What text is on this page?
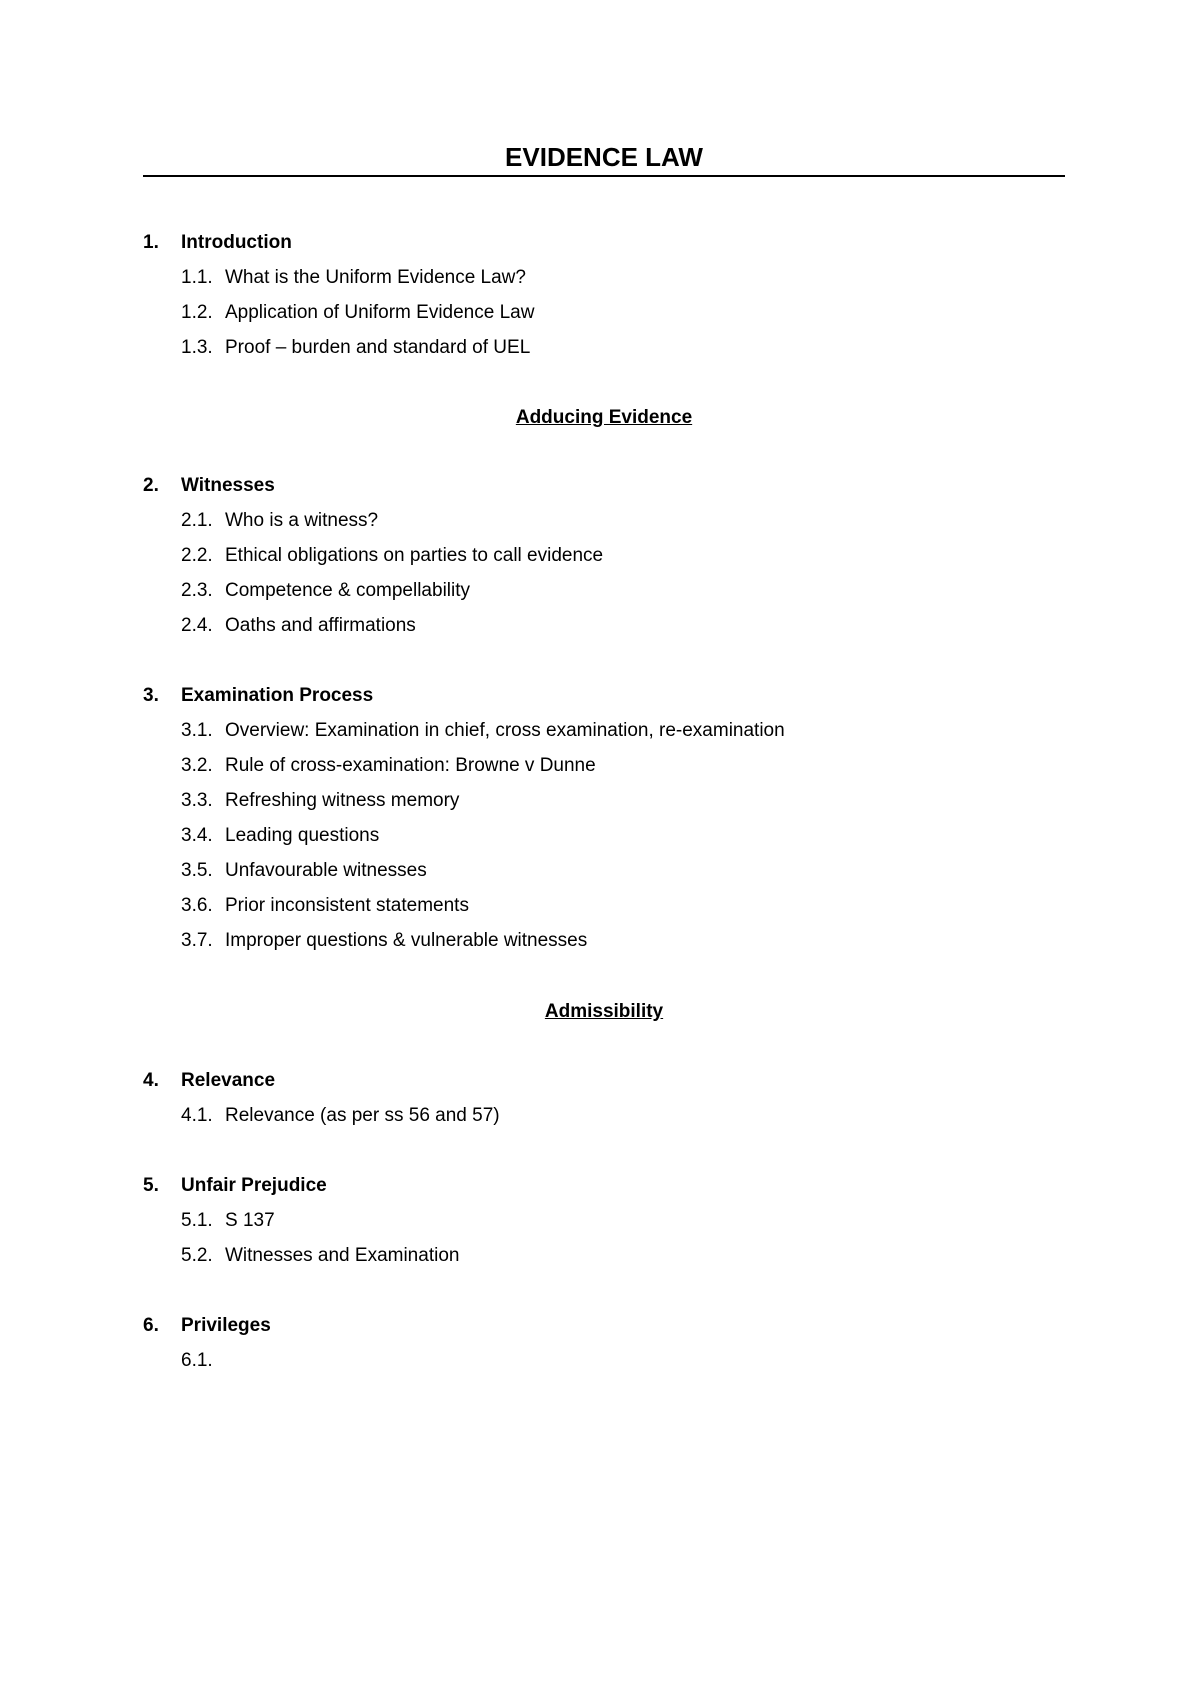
EVIDENCE LAW
1. Introduction
1.1. What is the Uniform Evidence Law?
1.2. Application of Uniform Evidence Law
1.3. Proof – burden and standard of UEL
Adducing Evidence
2. Witnesses
2.1. Who is a witness?
2.2. Ethical obligations on parties to call evidence
2.3. Competence & compellability
2.4. Oaths and affirmations
3. Examination Process
3.1. Overview: Examination in chief, cross examination, re-examination
3.2. Rule of cross-examination: Browne v Dunne
3.3. Refreshing witness memory
3.4. Leading questions
3.5. Unfavourable witnesses
3.6. Prior inconsistent statements
3.7. Improper questions & vulnerable witnesses
Admissibility
4. Relevance
4.1. Relevance (as per ss 56 and 57)
5. Unfair Prejudice
5.1. S 137
5.2. Witnesses and Examination
6. Privileges
6.1.
